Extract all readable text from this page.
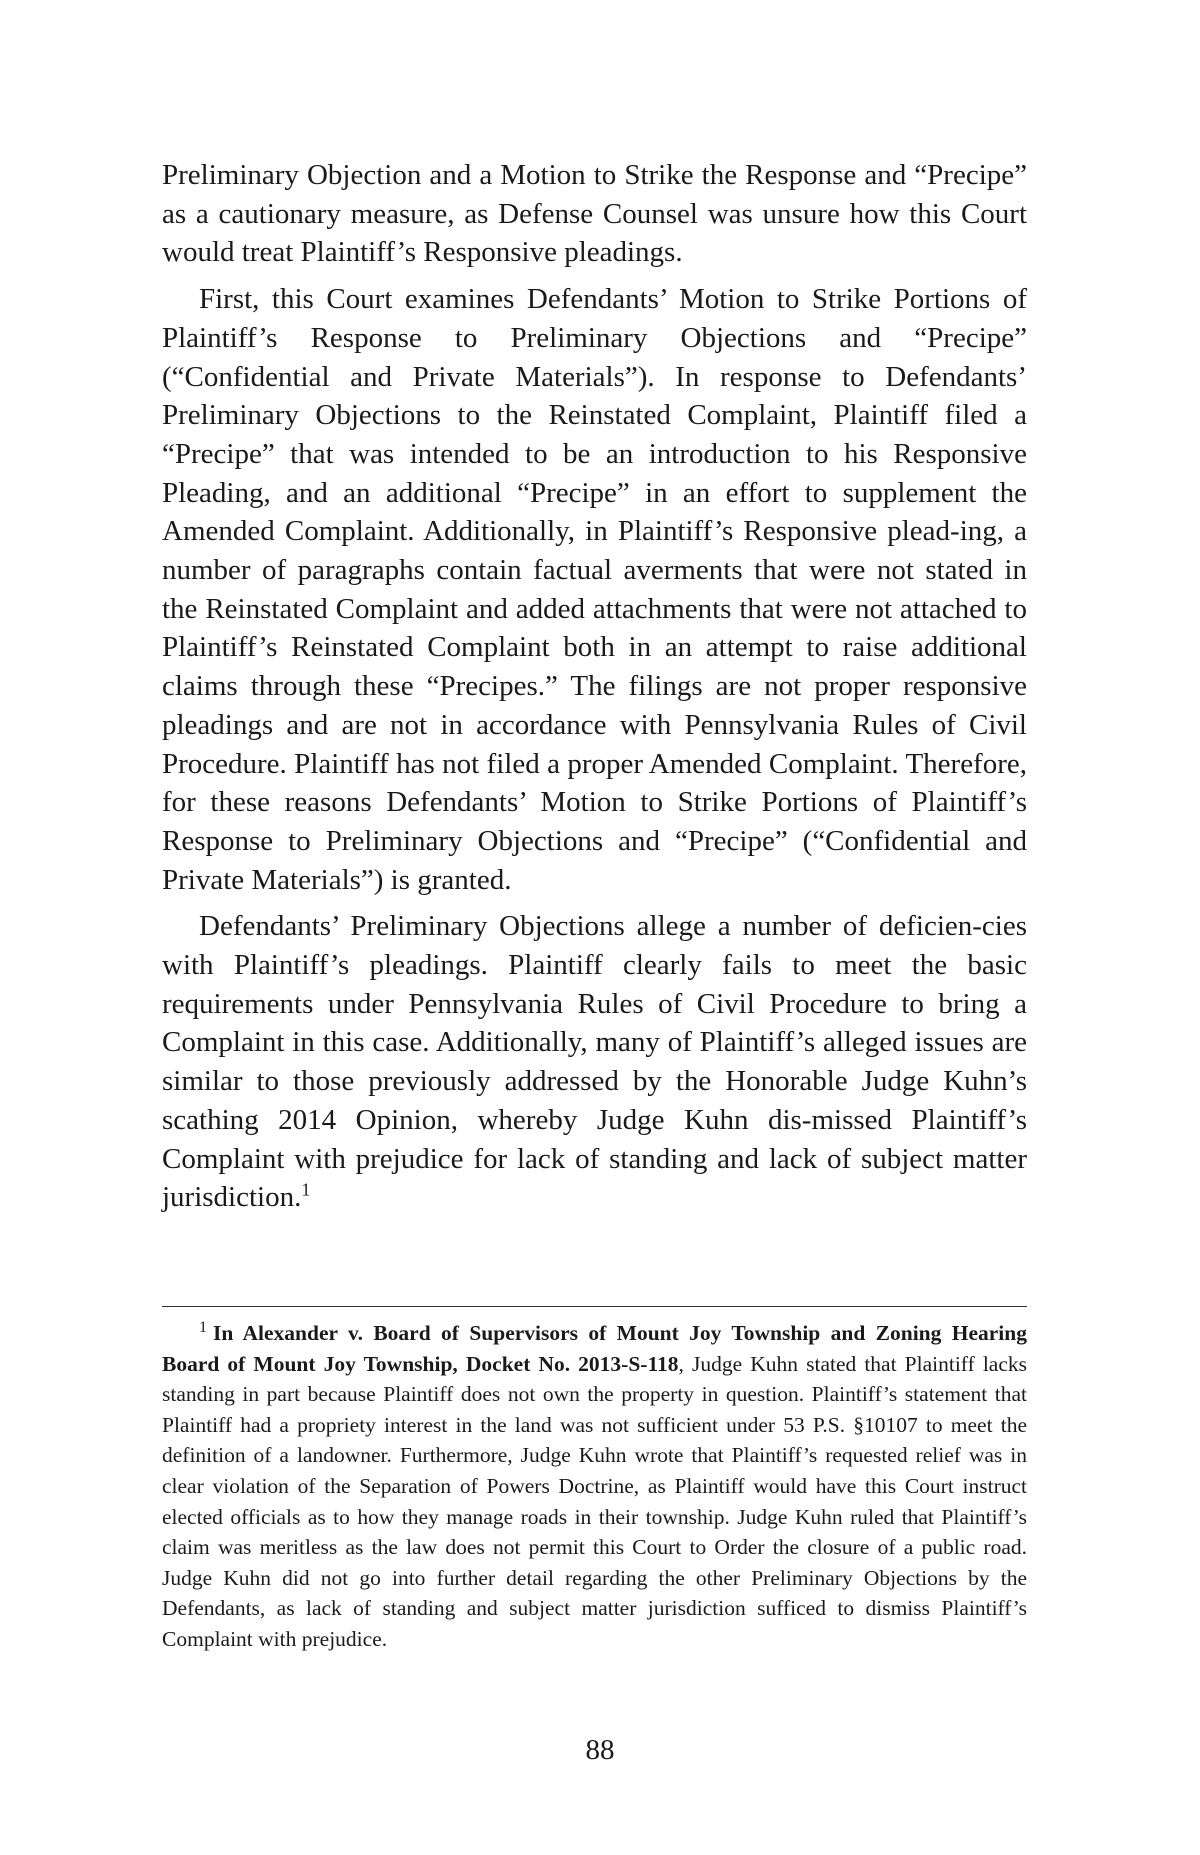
Preliminary Objection and a Motion to Strike the Response and “Precipe” as a cautionary measure, as Defense Counsel was unsure how this Court would treat Plaintiff’s Responsive pleadings.

First, this Court examines Defendants’ Motion to Strike Portions of Plaintiff’s Response to Preliminary Objections and “Precipe” (“Confidential and Private Materials”). In response to Defendants’ Preliminary Objections to the Reinstated Complaint, Plaintiff filed a “Precipe” that was intended to be an introduction to his Responsive Pleading, and an additional “Precipe” in an effort to supplement the Amended Complaint. Additionally, in Plaintiff’s Responsive plead-ing, a number of paragraphs contain factual averments that were not stated in the Reinstated Complaint and added attachments that were not attached to Plaintiff’s Reinstated Complaint both in an attempt to raise additional claims through these “Precipes.” The filings are not proper responsive pleadings and are not in accordance with Pennsylvania Rules of Civil Procedure. Plaintiff has not filed a proper Amended Complaint. Therefore, for these reasons Defendants’ Motion to Strike Portions of Plaintiff’s Response to Preliminary Objections and “Precipe” (“Confidential and Private Materials”) is granted.

Defendants’ Preliminary Objections allege a number of deficien-cies with Plaintiff’s pleadings. Plaintiff clearly fails to meet the basic requirements under Pennsylvania Rules of Civil Procedure to bring a Complaint in this case. Additionally, many of Plaintiff’s alleged issues are similar to those previously addressed by the Honorable Judge Kuhn’s scathing 2014 Opinion, whereby Judge Kuhn dis-missed Plaintiff’s Complaint with prejudice for lack of standing and lack of subject matter jurisdiction.$^1$

$^1$ In Alexander v. Board of Supervisors of Mount Joy Township and Zoning Hearing Board of Mount Joy Township, Docket No. 2013-S-118, Judge Kuhn stated that Plaintiff lacks standing in part because Plaintiff does not own the property in question. Plaintiff’s statement that Plaintiff had a propriety interest in the land was not sufficient under 53 P.S. §10107 to meet the definition of a landowner. Furthermore, Judge Kuhn wrote that Plaintiff’s requested relief was in clear violation of the Separation of Powers Doctrine, as Plaintiff would have this Court instruct elected officials as to how they manage roads in their township. Judge Kuhn ruled that Plaintiff’s claim was meritless as the law does not permit this Court to Order the closure of a public road. Judge Kuhn did not go into further detail regarding the other Preliminary Objections by the Defendants, as lack of standing and subject matter jurisdiction sufficed to dismiss Plaintiff’s Complaint with prejudice.

88
